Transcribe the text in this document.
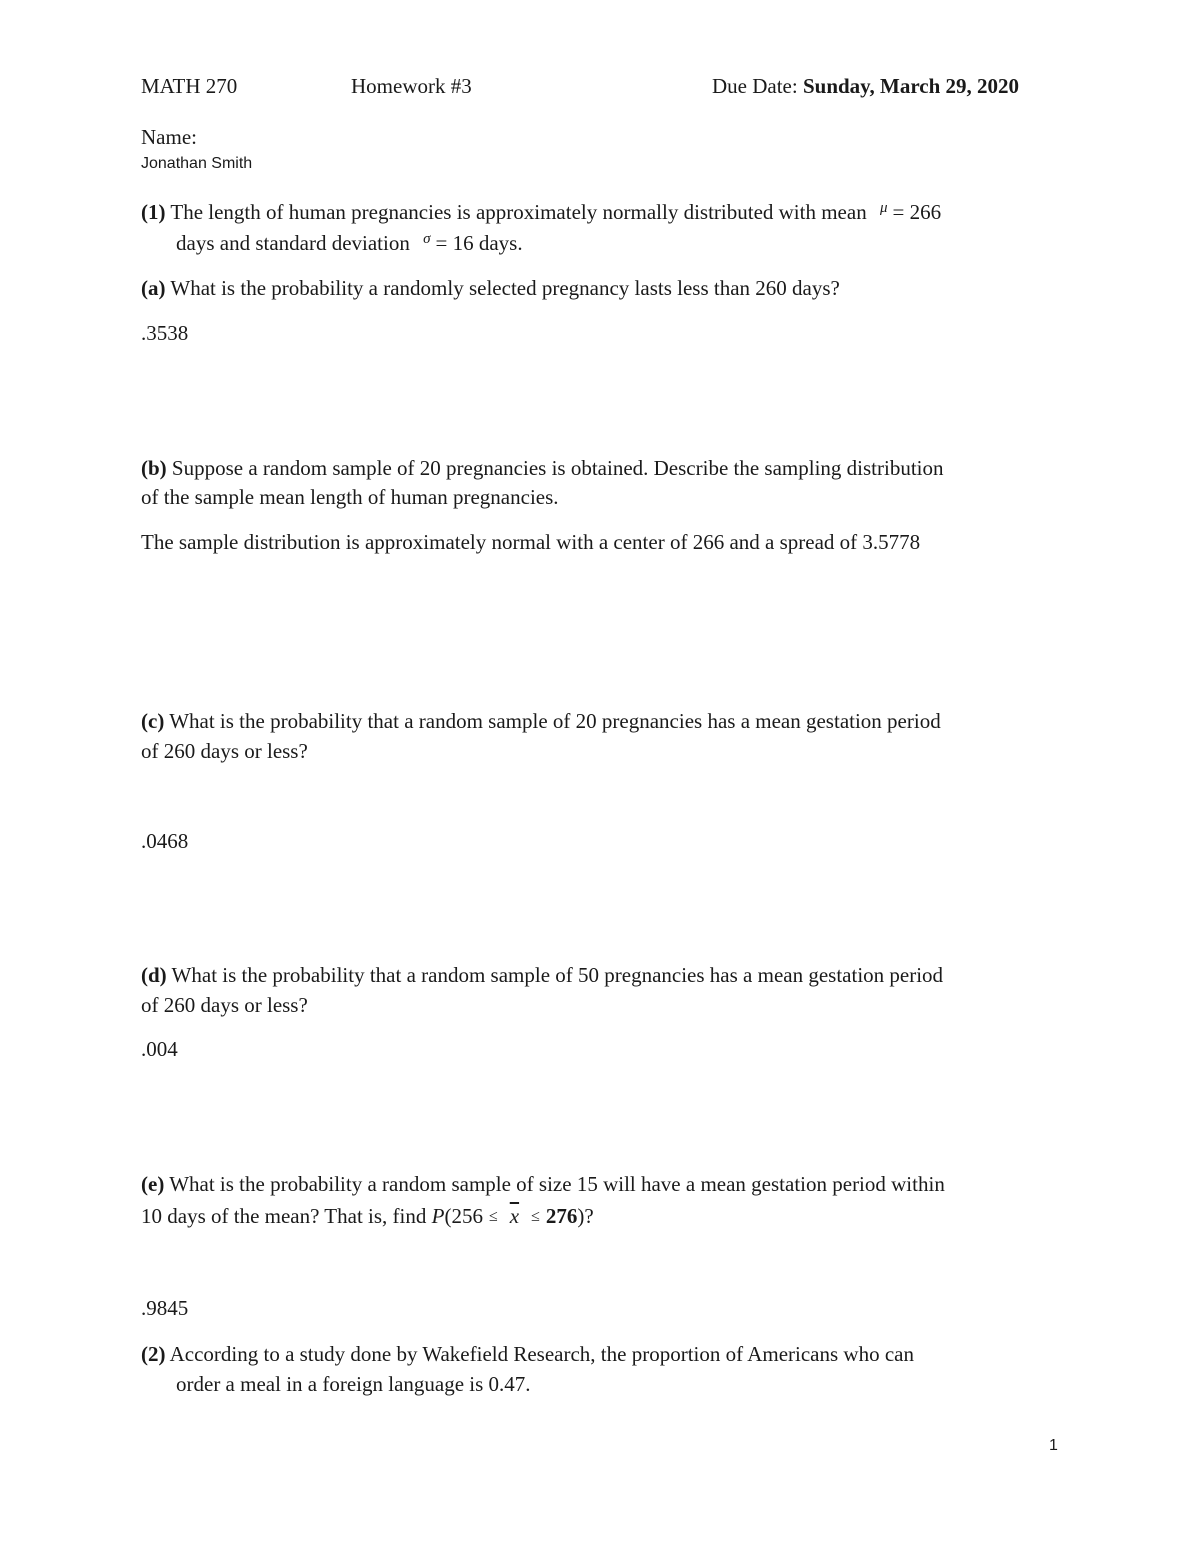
MATH 270	Homework #3	Due Date: Sunday, March 29, 2020
Name:
Jonathan Smith
(1) The length of human pregnancies is approximately normally distributed with mean $^\mu$ = 266
days and standard deviation $^\sigma$ = 16 days.
(a) What is the probability a randomly selected pregnancy lasts less than 260 days?
.3538
(b) Suppose a random sample of 20 pregnancies is obtained. Describe the sampling distribution
of the sample mean length of human pregnancies.
The sample distribution is approximately normal with a center of 266 and a spread of 3.5778
(c) What is the probability that a random sample of 20 pregnancies has a mean gestation period
of 260 days or less?
.0468
(d) What is the probability that a random sample of 50 pregnancies has a mean gestation period
of 260 days or less?
.004
(e) What is the probability a random sample of size 15 will have a mean gestation period within
10 days of the mean? That is, find $P(256 \le \overline{x} \le 276)$?
.9845
(2) According to a study done by Wakefield Research, the proportion of Americans who can
order a meal in a foreign language is 0.47.
1
